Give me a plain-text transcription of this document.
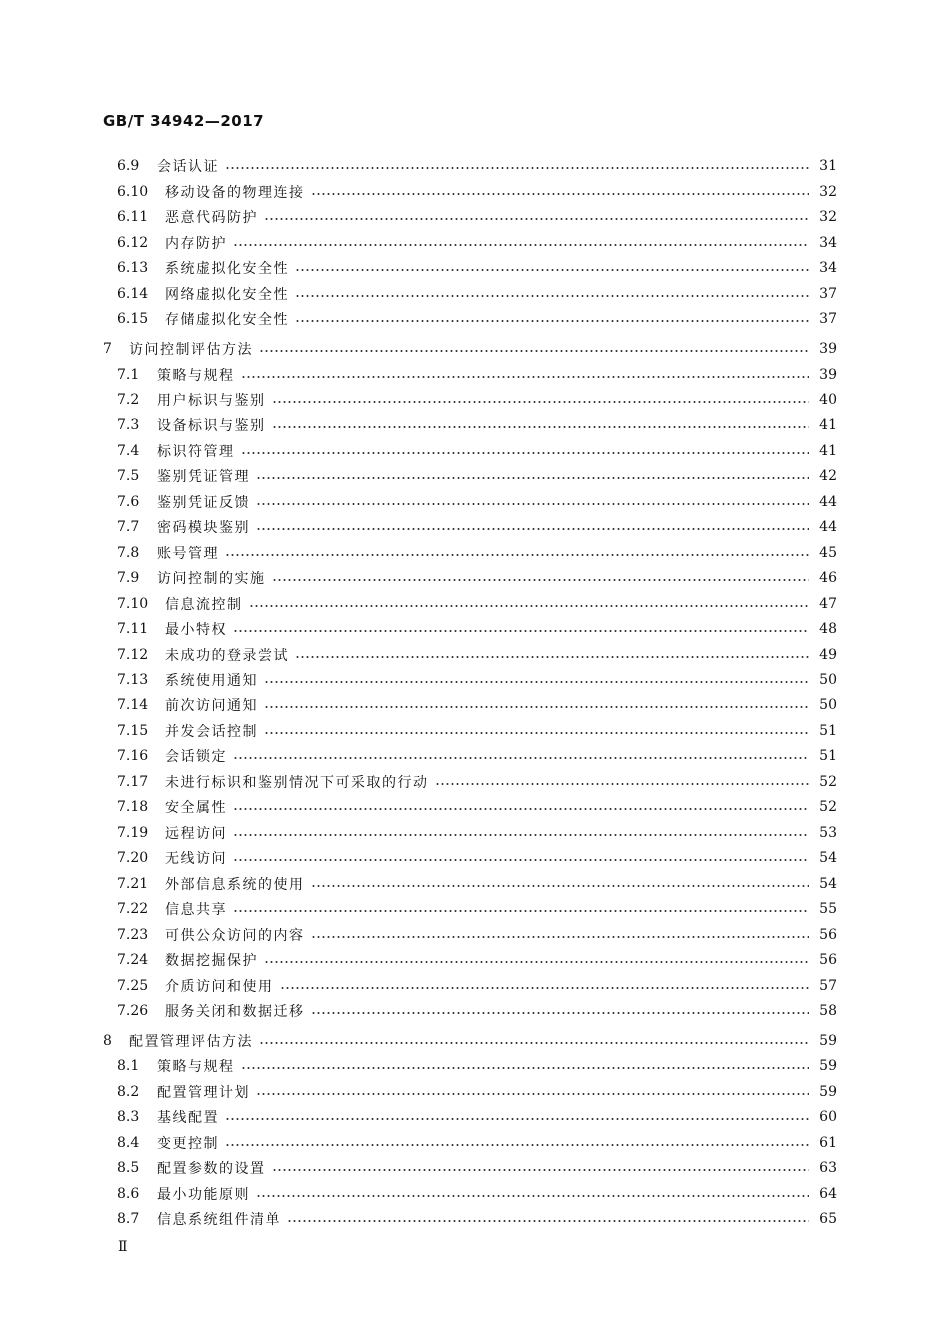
GB/T 34942—2017
6.9	会话认证	31
6.10	移动设备的物理连接	32
6.11	恶意代码防护	32
6.12	内存防护	34
6.13	系统虚拟化安全性	34
6.14	网络虚拟化安全性	37
6.15	存储虚拟化安全性	37
7	访问控制评估方法	39
7.1	策略与规程	39
7.2	用户标识与鉴别	40
7.3	设备标识与鉴别	41
7.4	标识符管理	41
7.5	鉴别凭证管理	42
7.6	鉴别凭证反馈	44
7.7	密码模块鉴别	44
7.8	账号管理	45
7.9	访问控制的实施	46
7.10	信息流控制	47
7.11	最小特权	48
7.12	未成功的登录尝试	49
7.13	系统使用通知	50
7.14	前次访问通知	50
7.15	并发会话控制	51
7.16	会话锁定	51
7.17	未进行标识和鉴别情况下可采取的行动	52
7.18	安全属性	52
7.19	远程访问	53
7.20	无线访问	54
7.21	外部信息系统的使用	54
7.22	信息共享	55
7.23	可供公众访问的内容	56
7.24	数据挖掘保护	56
7.25	介质访问和使用	57
7.26	服务关闭和数据迁移	58
8	配置管理评估方法	59
8.1	策略与规程	59
8.2	配置管理计划	59
8.3	基线配置	60
8.4	变更控制	61
8.5	配置参数的设置	63
8.6	最小功能原则	64
8.7	信息系统组件清单	65
Ⅱ
